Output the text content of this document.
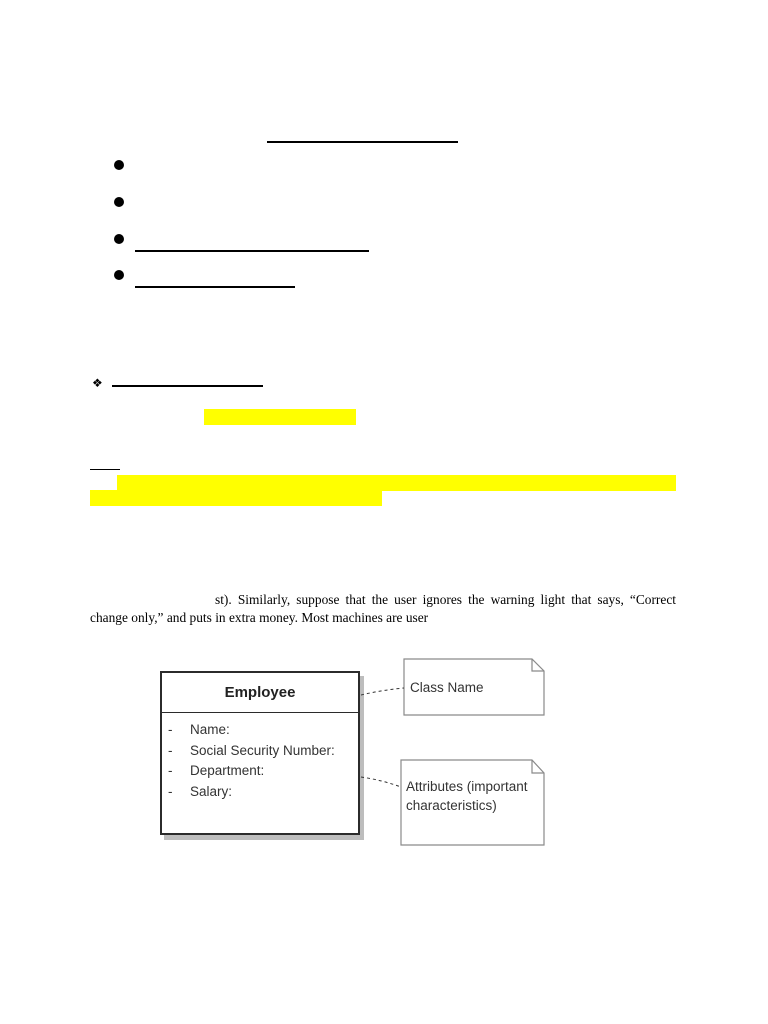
❖
st). Similarly, suppose that the user ignores the warning light that says, “Correct
change only,” and puts in extra money. Most machines are user
Employee
- Name:
- Social Security Number:
- Department:
- Salary:
Class Name
Attributes (important
characteristics)
